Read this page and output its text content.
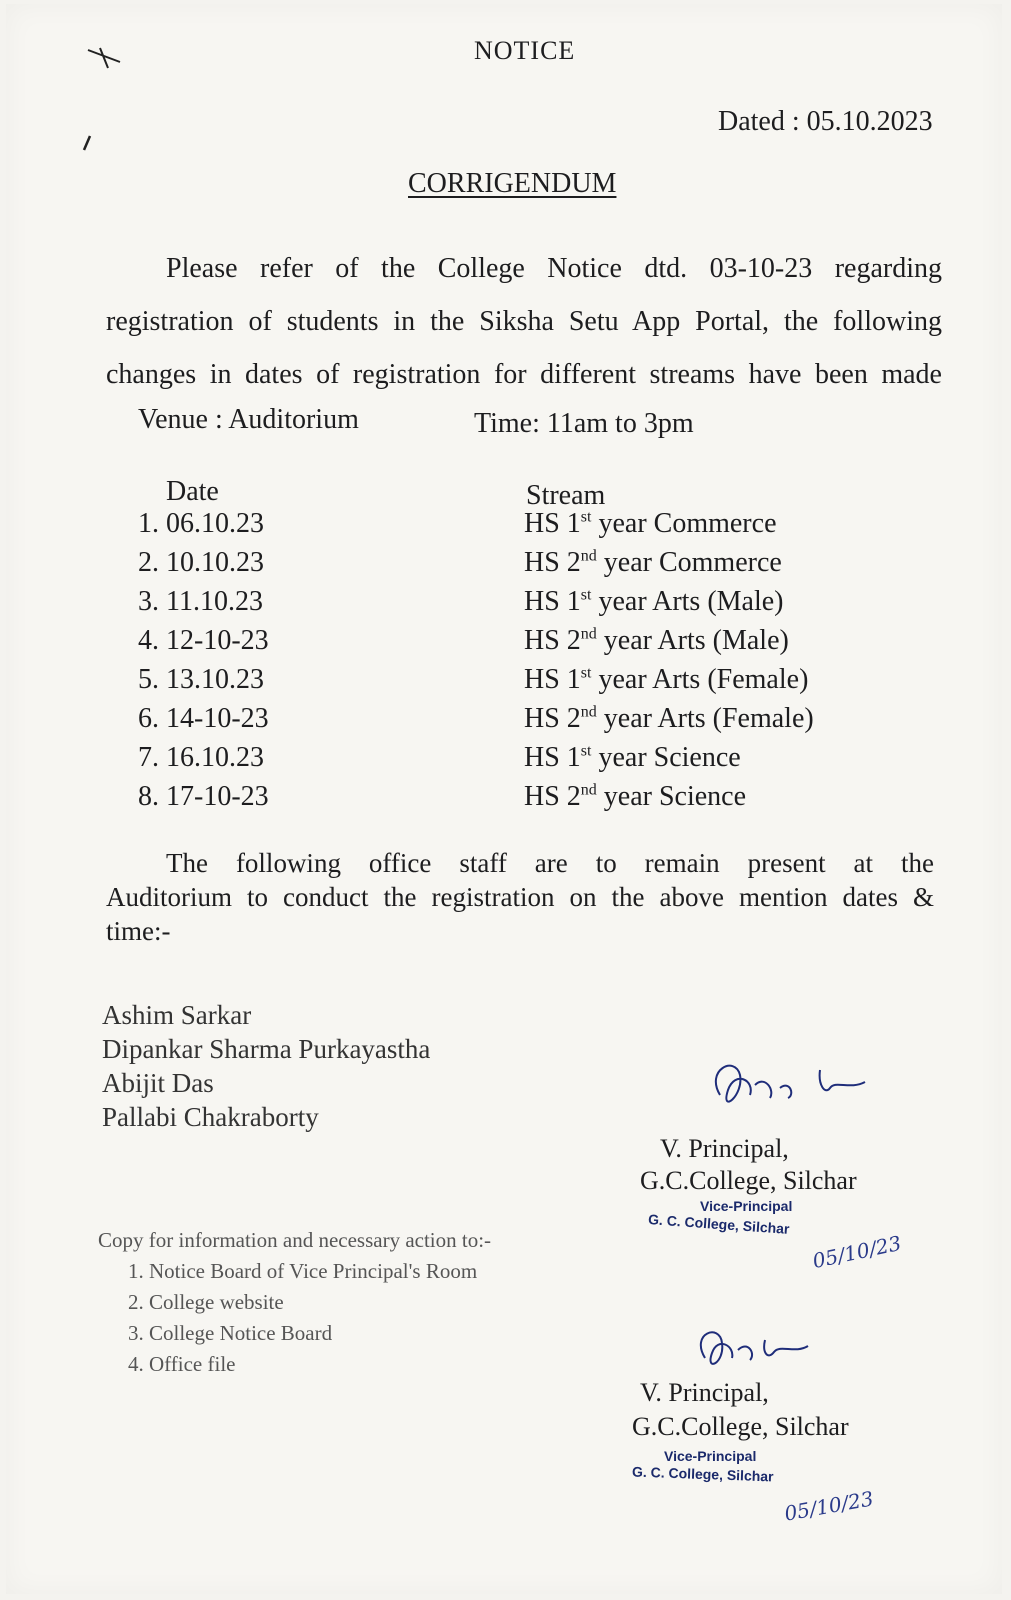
NOTICE
Dated : 05.10.2023
CORRIGENDUM
Please refer of the College Notice dtd. 03-10-23 regarding
registration of students in the Siksha Setu App Portal, the following
changes in dates of registration for different streams have been made
Venue : Auditorium	Time: 11am to 3pm
Date	Stream
1. 06.10.23	HS 1st year Commerce
2. 10.10.23	HS 2nd year Commerce
3. 11.10.23	HS 1st year Arts (Male)
4. 12-10-23	HS 2nd year Arts (Male)
5. 13.10.23	HS 1st year Arts (Female)
6. 14-10-23	HS 2nd year Arts (Female)
7. 16.10.23	HS 1st year Science
8. 17-10-23	HS 2nd year Science
The following office staff are to remain present at the
Auditorium to conduct the registration on the above mention dates &
time:-
Ashim Sarkar
Dipankar Sharma Purkayastha
Abijit Das
Pallabi Chakraborty
V. Principal,
G.C.College, Silchar
Vice-Principal
G. C. College, Silchar
05/10/23
Copy for information and necessary action to:-
1. Notice Board of Vice Principal's Room
2. College website
3. College Notice Board
4. Office file
V. Principal,
G.C.College, Silchar
Vice-Principal
G. C. College, Silchar
05/10/23
